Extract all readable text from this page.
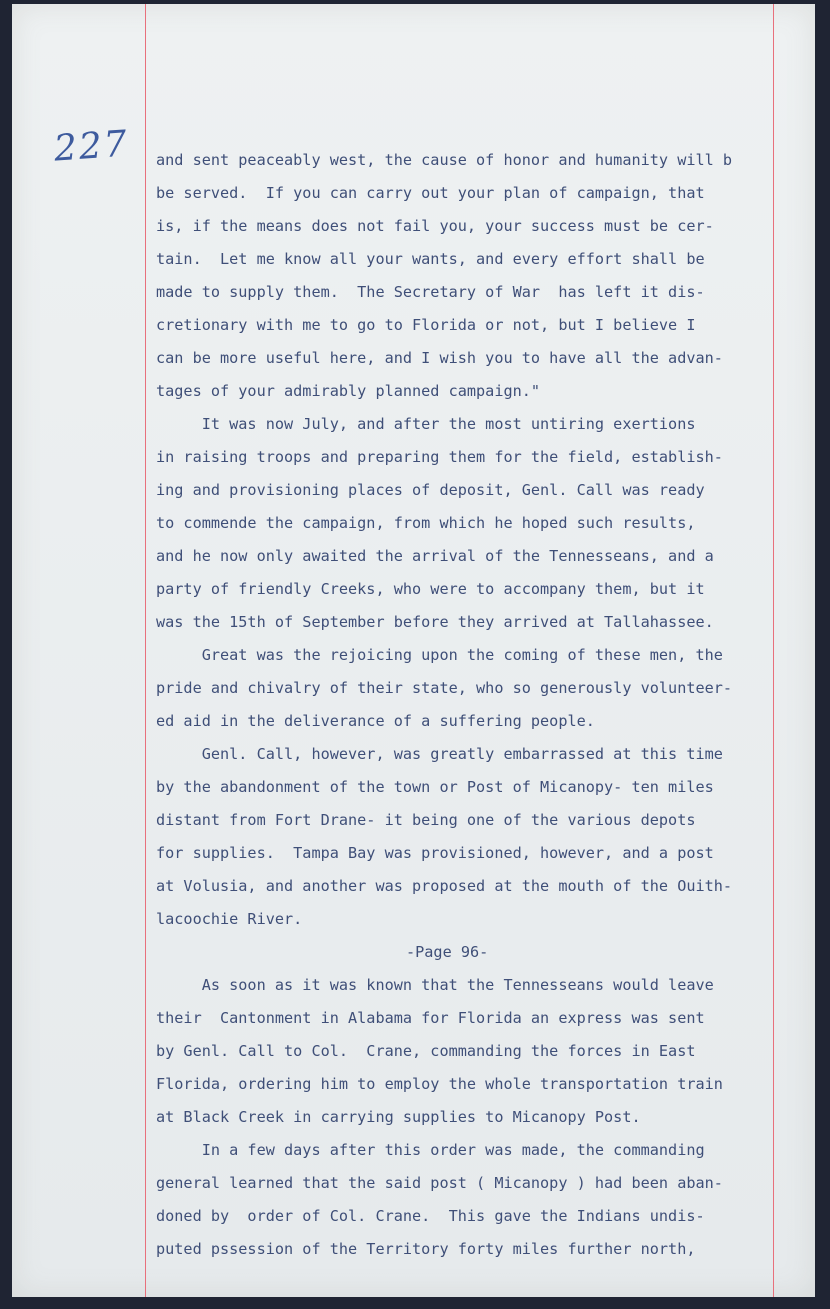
227 and sent peaceably west, the cause of honor and humanity will b
be served.  If you can carry out your plan of campaign, that
is, if the means does not fail you, your success must be cer-
tain.  Let me know all your wants, and every effort shall be
made to supply them.  The Secretary of War  has left it dis-
cretionary with me to go to Florida or not, but I believe I
can be more useful here, and I wish you to have all the advan-
tages of your admirably planned campaign."
It was now July, and after the most untiring exertions
in raising troops and preparing them for the field, establish-
ing and provisioning places of deposit, Genl. Call was ready
to commende the campaign, from which he hoped such results,
and he now only awaited the arrival of the Tennesseans, and a
party of friendly Creeks, who were to accompany them, but it
was the 15th of September before they arrived at Tallahassee.
Great was the rejoicing upon the coming of these men, the
pride and chivalry of their state, who so generously volunteer-
ed aid in the deliverance of a suffering people.
Genl. Call, however, was greatly embarrassed at this time
by the abandonment of the town or Post of Micanopy- ten miles
distant from Fort Drane- it being one of the various depots
for supplies.  Tampa Bay was provisioned, however, and a post
at Volusia, and another was proposed at the mouth of the Ouith-
lacoochie River.
-Page 96-
As soon as it was known that the Tennesseans would leave
their  Cantonment in Alabama for Florida an express was sent
by Genl. Call to Col.  Crane, commanding the forces in East
Florida, ordering him to employ the whole transportation train
at Black Creek in carrying supplies to Micanopy Post.
In a few days after this order was made, the commanding
general learned that the said post ( Micanopy ) had been aban-
doned by  order of Col. Crane.  This gave the Indians undis-
puted pssession of the Territory forty miles further north,
